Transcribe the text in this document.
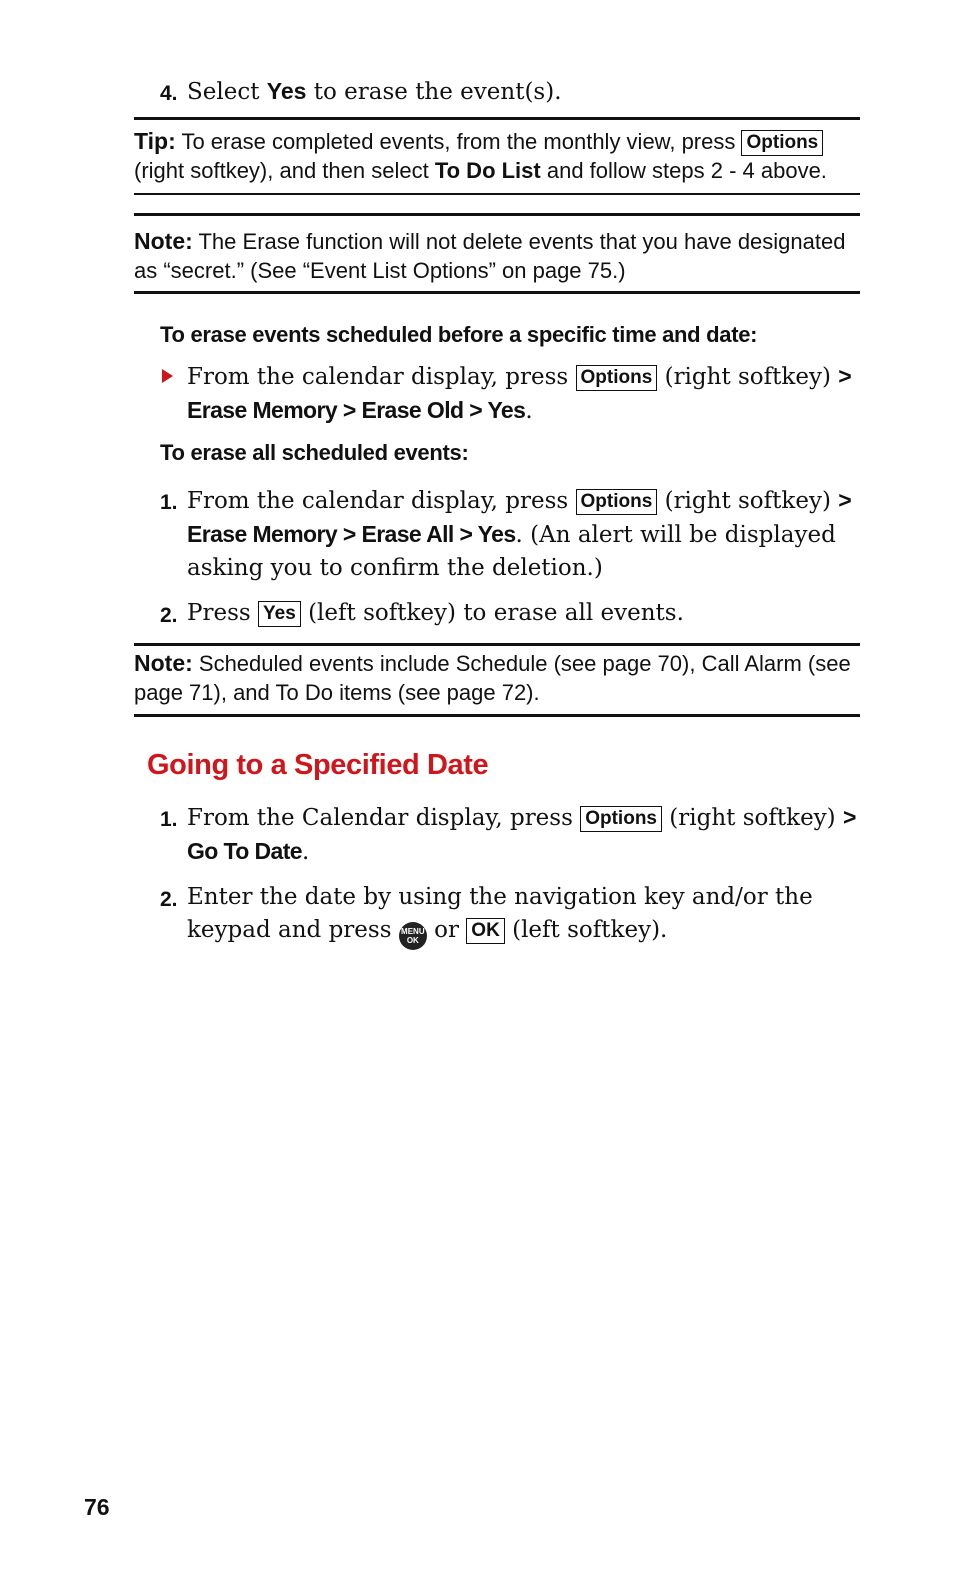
4. Select Yes to erase the event(s).
Tip: To erase completed events, from the monthly view, press Options (right softkey), and then select To Do List and follow steps 2 - 4 above.
Note: The Erase function will not delete events that you have designated as “secret.” (See “Event List Options” on page 75.)
To erase events scheduled before a specific time and date:
From the calendar display, press Options (right softkey) > Erase Memory > Erase Old > Yes.
To erase all scheduled events:
1. From the calendar display, press Options (right softkey) > Erase Memory > Erase All > Yes. (An alert will be displayed asking you to confirm the deletion.)
2. Press Yes (left softkey) to erase all events.
Note: Scheduled events include Schedule (see page 70), Call Alarm (see page 71), and To Do items (see page 72).
Going to a Specified Date
1. From the Calendar display, press Options (right softkey) > Go To Date.
2. Enter the date by using the navigation key and/or the keypad and press MENU
OK or OK (left softkey).
76
